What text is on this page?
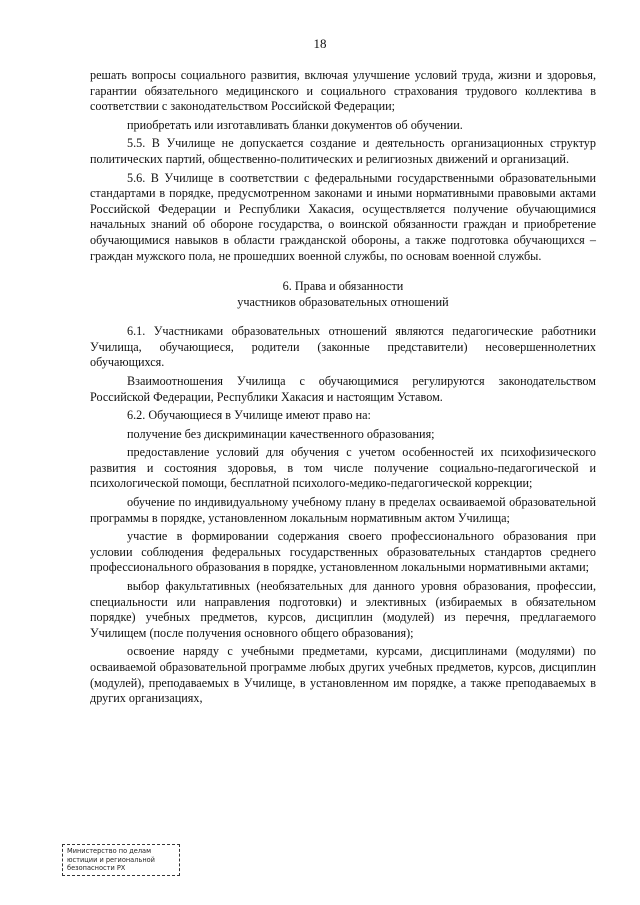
18

решать вопросы социального развития, включая улучшение условий труда, жизни и здоровья, гарантии обязательного медицинского и социального страхования трудового коллектива в соответствии с законодательством Российской Федерации;

приобретать или изготавливать бланки документов об обучении.

5.5. В Училище не допускается создание и деятельность организационных структур политических партий, общественно-политических и религиозных движений и организаций.

5.6. В Училище в соответствии с федеральными государственными образовательными стандартами в порядке, предусмотренном законами и иными нормативными правовыми актами Российской Федерации и Республики Хакасия, осуществляется получение обучающимися начальных знаний об обороне государства, о воинской обязанности граждан и приобретение обучающимися навыков в области гражданской обороны, а также подготовка обучающихся – граждан мужского пола, не прошедших военной службы, по основам военной службы.

6. Права и обязанности
участников образовательных отношений

6.1. Участниками образовательных отношений являются педагогические работники Училища, обучающиеся, родители (законные представители) несовершеннолетних обучающихся.

Взаимоотношения Училища с обучающимися регулируются законодательством Российской Федерации, Республики Хакасия и настоящим Уставом.

6.2. Обучающиеся в Училище имеют право на:

получение без дискриминации качественного образования;

предоставление условий для обучения с учетом особенностей их психофизического развития и состояния здоровья, в том числе получение социально-педагогической и психологической помощи, бесплатной психолого-медико-педагогической коррекции;

обучение по индивидуальному учебному плану в пределах осваиваемой образовательной программы в порядке, установленном локальным нормативным актом Училища;

участие в формировании содержания своего профессионального образования при условии соблюдения федеральных государственных образовательных стандартов среднего профессионального образования в порядке, установленном локальными нормативными актами;

выбор факультативных (необязательных для данного уровня образования, профессии, специальности или направления подготовки) и элективных (избираемых в обязательном порядке) учебных предметов, курсов, дисциплин (модулей) из перечня, предлагаемого Училищем (после получения основного общего образования);

освоение наряду с учебными предметами, курсами, дисциплинами (модулями) по осваиваемой образовательной программе любых других учебных предметов, курсов, дисциплин (модулей), преподаваемых в Училище, в установленном им порядке, а также преподаваемых в других организациях,

Министерство по делам
юстиции и региональной
безопасности РХ
